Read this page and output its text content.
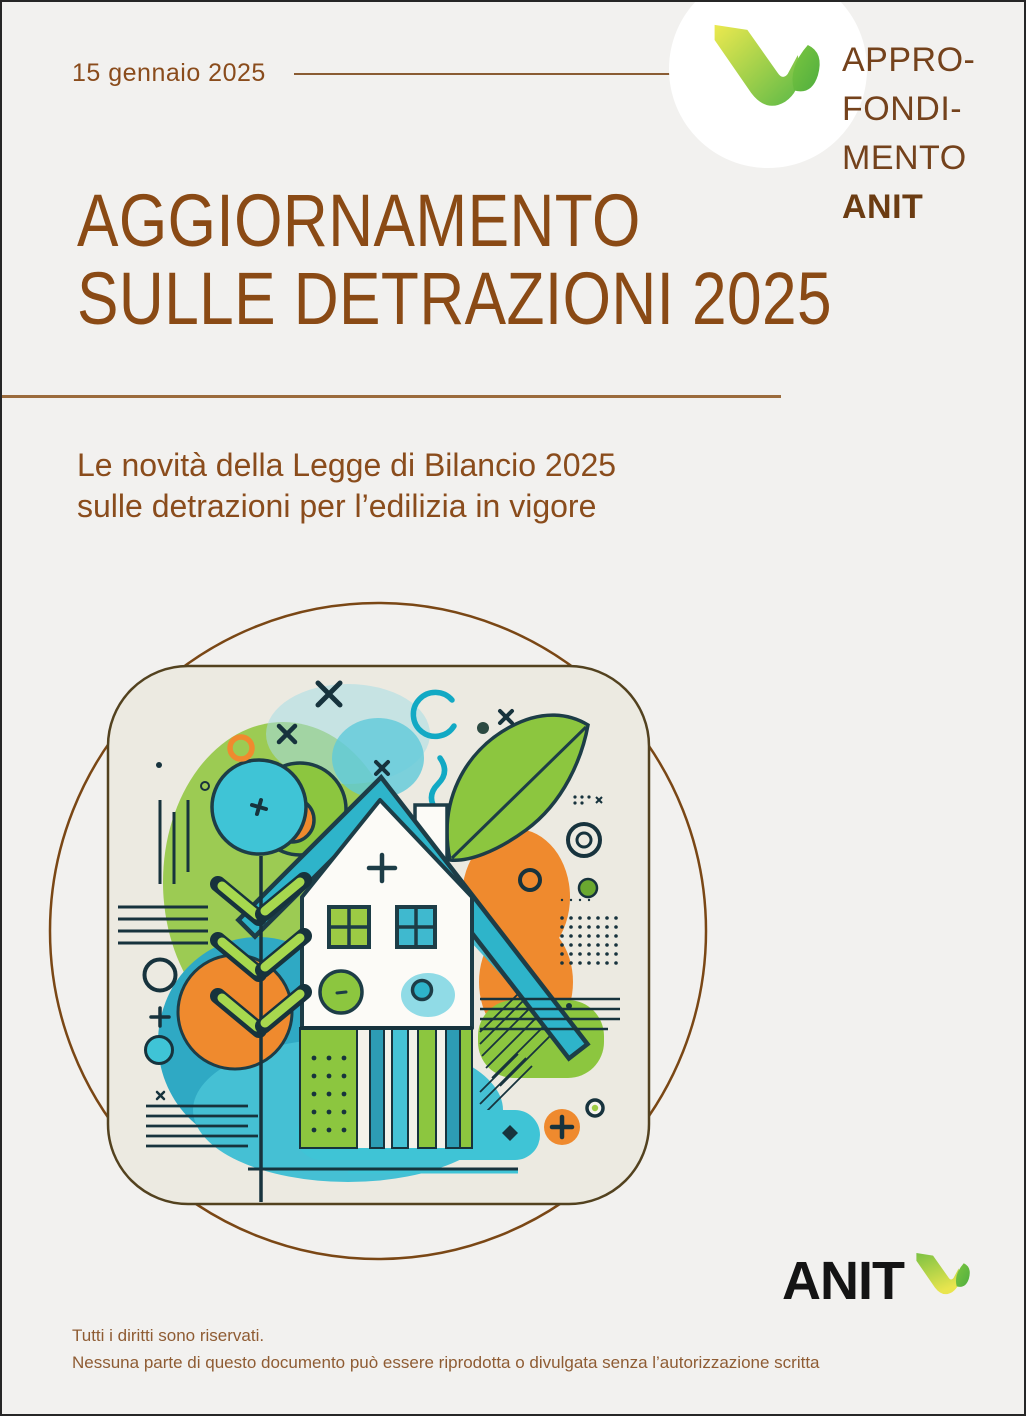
15 gennaio 2025	APPRO-
FONDI-
MENTO
ANIT
AGGIORNAMENTO
SULLE DETRAZIONI 2025
Le novità della Legge di Bilancio 2025
sulle detrazioni per l’edilizia in vigore
ANIT
Tutti i diritti sono riservati.
Nessuna parte di questo documento può essere riprodotta o divulgata senza l’autorizzazione scritta
